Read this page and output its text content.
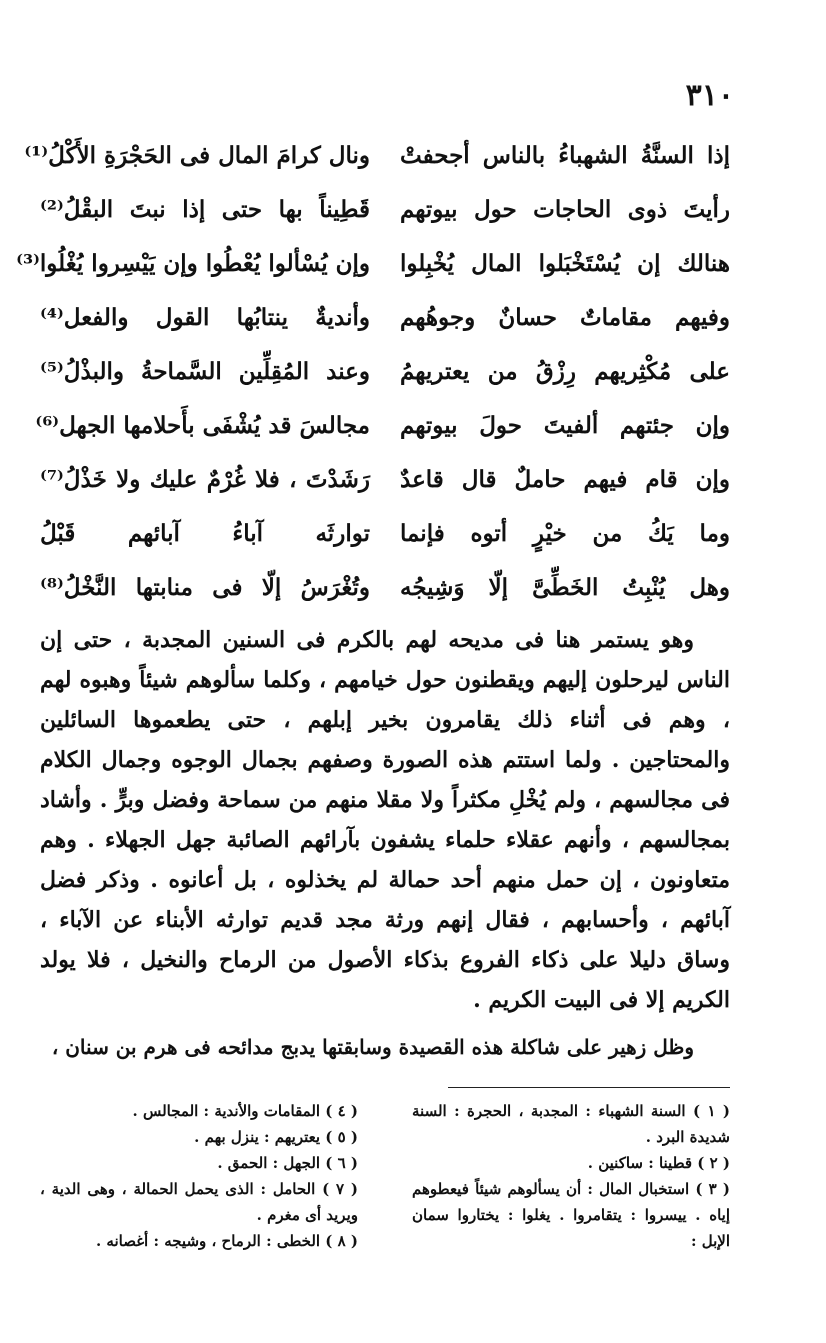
٣١٠
إذا السنَّةُ الشهباءُ بالناس أجحفتْ
ونال كرامَ المال فى الحَجْرَةِ الأَكْلُ⁽¹⁾
رأيتَ ذوى الحاجات حول بيوتهم
قَطِيناً بها حتى إذا نبتَ البقْلُ⁽²⁾
هنالك إن يُسْتَخْبَلوا المال يُخْبِلوا
وإن يُسْألوا يُعْطُوا وإن يَيْسِروا يُغْلُوا⁽³⁾
وفيهم مقاماتٌ حسانٌ وجوهُهم
وأنديةٌ ينتابُها القول والفعل⁽⁴⁾
على مُكْثِريهم رِزْقُ من يعتريهمُ
وعند المُقِلِّين السَّماحةُ والبذْلُ⁽⁵⁾
وإن جئتهم ألفيتَ حولَ بيوتهم
مجالسَ قد يُشْفَى بأَحلامها الجهل⁽⁶⁾
وإن قام فيهم حاملٌ قال قاعدٌ
رَشَدْتَ ، فلا غُرْمٌ عليك ولا خَذْلُ⁽⁷⁾
وما يَكُ من خيْرٍ أتوه فإنما
توارثَه آباءُ آبائهم قَبْلُ
وهل يُنْبِتُ الخَطِّىَّ إلّا وَشِيجُه
وتُغْرَسُ إلّا فى منابتها النَّخْلُ⁽⁸⁾

وهو يستمر هنا فى مديحه لهم بالكرم فى السنين المجدبة ، حتى إن الناس ليرحلون إليهم ويقطنون حول خيامهم ، وكلما سألوهم شيئاً وهبوه لهم ، وهم فى أثناء ذلك يقامرون بخير إبلهم ، حتى يطعموها السائلين والمحتاجين . ولما استتم هذه الصورة وصفهم بجمال الوجوه وجمال الكلام فى مجالسهم ، ولم يُخْلِ مكثراً ولا مقلا منهم من سماحة وفضل وبرٍّ . وأشاد بمجالسهم ، وأنهم عقلاء حلماء يشفون بآرائهم الصائبة جهل الجهلاء . وهم متعاونون ، إن حمل منهم أحد حمالة لم يخذلوه ، بل أعانوه . وذكر فضل آبائهم ، وأحسابهم ، فقال إنهم ورثة مجد قديم توارثه الأبناء عن الآباء ، وساق دليلا على ذكاء الفروع بذكاء الأصول من الرماح والنخيل ، فلا يولد الكريم إلا فى البيت الكريم .

وظل زهير على شاكلة هذه القصيدة وسابقتها يدبج مدائحه فى هرم بن سنان ،
( ١ ) السنة الشهباء : المجدبة ، الحجرة : السنة شديدة البرد .
( ٢ ) قطينا : ساكنين .
( ٣ ) استخبال المال : أن يسألوهم شيئاً فيعطوهم إياه . ييسروا : يتقامروا . يغلوا : يختاروا سمان الإبل :
( ٤ ) المقامات والأندية : المجالس .
( ٥ ) يعتريهم : ينزل بهم .
( ٦ ) الجهل : الحمق .
( ٧ ) الحامل : الذى يحمل الحمالة ، وهى الدية ، ويريد أى مغرم .
( ٨ ) الخطى : الرماح ، وشيجه : أغصانه .
